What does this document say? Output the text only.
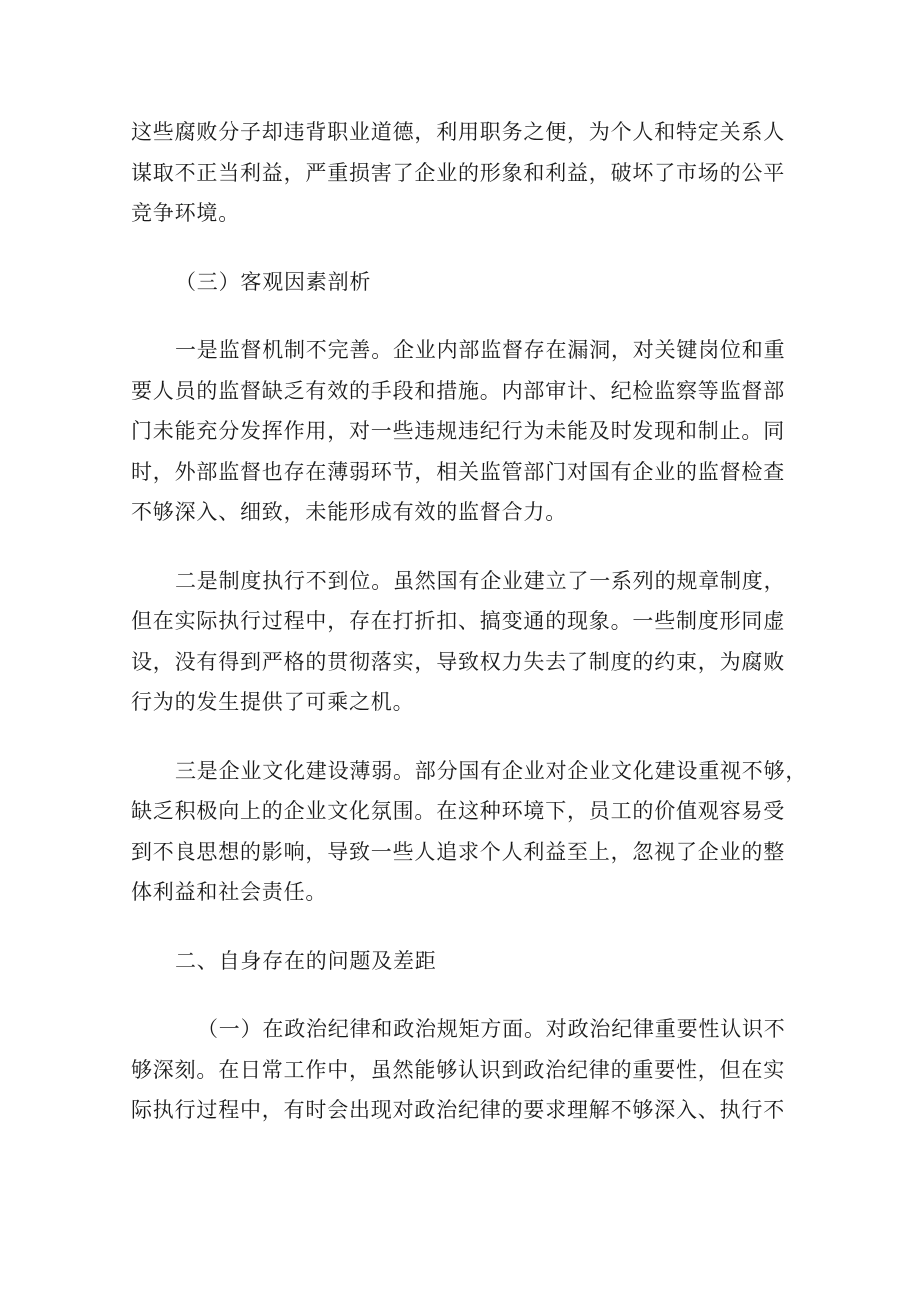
这些腐败分子却违背职业道德，利用职务之便，为个人和特定关系人
谋取不正当利益，严重损害了企业的形象和利益，破坏了市场的公平
竞争环境。
（三）客观因素剖析
一是监督机制不完善。企业内部监督存在漏洞，对关键岗位和重
要人员的监督缺乏有效的手段和措施。内部审计、纪检监察等监督部
门未能充分发挥作用，对一些违规违纪行为未能及时发现和制止。同
时，外部监督也存在薄弱环节，相关监管部门对国有企业的监督检查
不够深入、细致，未能形成有效的监督合力。
二是制度执行不到位。虽然国有企业建立了一系列的规章制度，
但在实际执行过程中，存在打折扣、搞变通的现象。一些制度形同虚
设，没有得到严格的贯彻落实，导致权力失去了制度的约束，为腐败
行为的发生提供了可乘之机。
三是企业文化建设薄弱。部分国有企业对企业文化建设重视不够，
缺乏积极向上的企业文化氛围。在这种环境下，员工的价值观容易受
到不良思想的影响，导致一些人追求个人利益至上，忽视了企业的整
体利益和社会责任。
二、自身存在的问题及差距
（一）在政治纪律和政治规矩方面。对政治纪律重要性认识不
够深刻。在日常工作中，虽然能够认识到政治纪律的重要性，但在实
际执行过程中，有时会出现对政治纪律的要求理解不够深入、执行不
